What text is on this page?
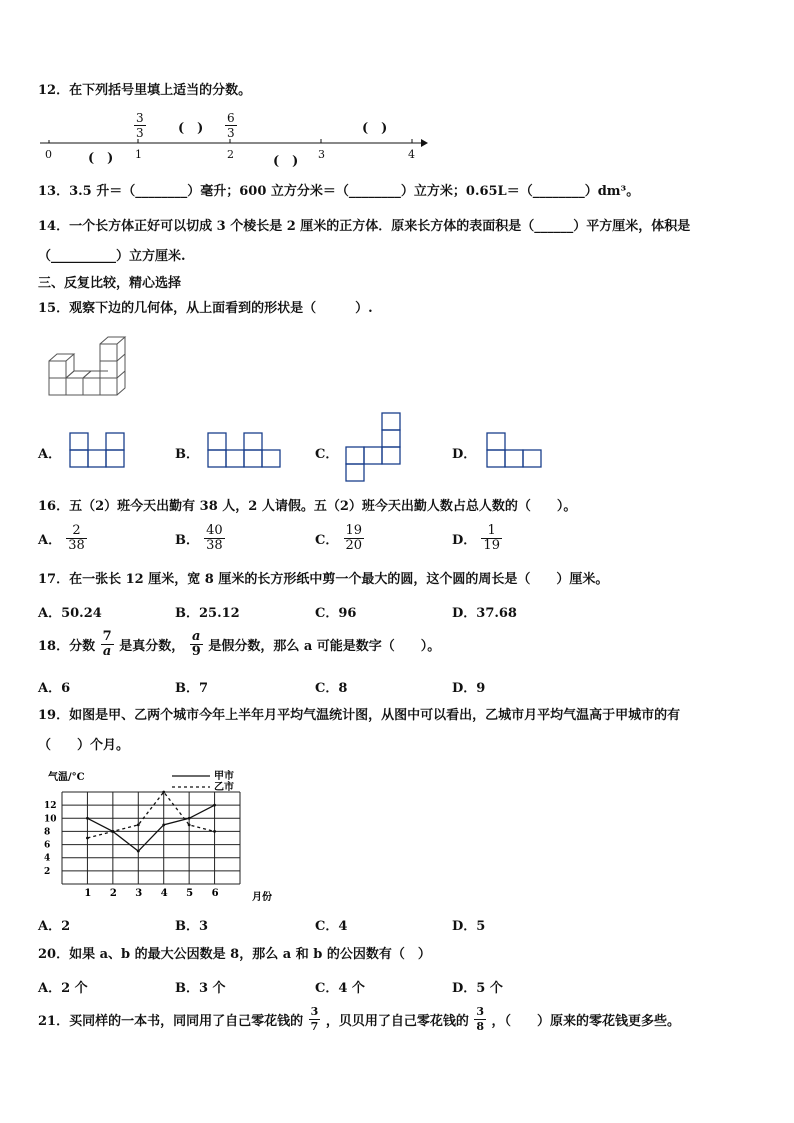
12．在下列括号里填上适当的分数。
0	1	2	3	4
$\frac{3}{3}$	$\frac{6}{3}$
(　)	(　)
(　)	(　)
13．3.5 升＝（________）毫升；600 立方分米＝（________）立方米；0.65L＝（________）dm³。
14．一个长方体正好可以切成 3 个棱长是 2 厘米的正方体．原来长方体的表面积是（______）平方厘米，体积是
（__________）立方厘米.
三、反复比较，精心选择
15．观察下边的几何体，从上面看到的形状是（　　　）.
A．	B．	C．	D．
16．五（2）班今天出勤有 38 人，2 人请假。五（2）班今天出勤人数占总人数的（　　）。
A． $\frac{2}{38}$	B． $\frac{40}{38}$	C． $\frac{19}{20}$	D． $\frac{1}{19}$
17．在一张长 12 厘米，宽 8 厘米的长方形纸中剪一个最大的圆，这个圆的周长是（　　）厘米。
A．50.24	B．25.12	C．96	D．37.68
18．分数 $\frac{7}{a}$ 是真分数， $\frac{a}{9}$ 是假分数，那么 a 可能是数字（　　）。
A．6	B．7	C．8	D．9
19．如图是甲、乙两个城市今年上半年月平均气温统计图，从图中可以看出，乙城市月平均气温高于甲城市的有
（　　）个月。
2
4
6
8
10
12
1 2 3 4 5 6
气温/°C
月份
甲市
乙市
A．2	B．3	C．4	D．5
20．如果 a、b 的最大公因数是 8，那么 a 和 b 的公因数有（　）
A．2 个	B．3 个	C．4 个	D．5 个
21．买同样的一本书，同同用了自己零花钱的 $\frac{3}{7}$ ，贝贝用了自己零花钱的 $\frac{3}{8}$ ，（　　）原来的零花钱更多些。
